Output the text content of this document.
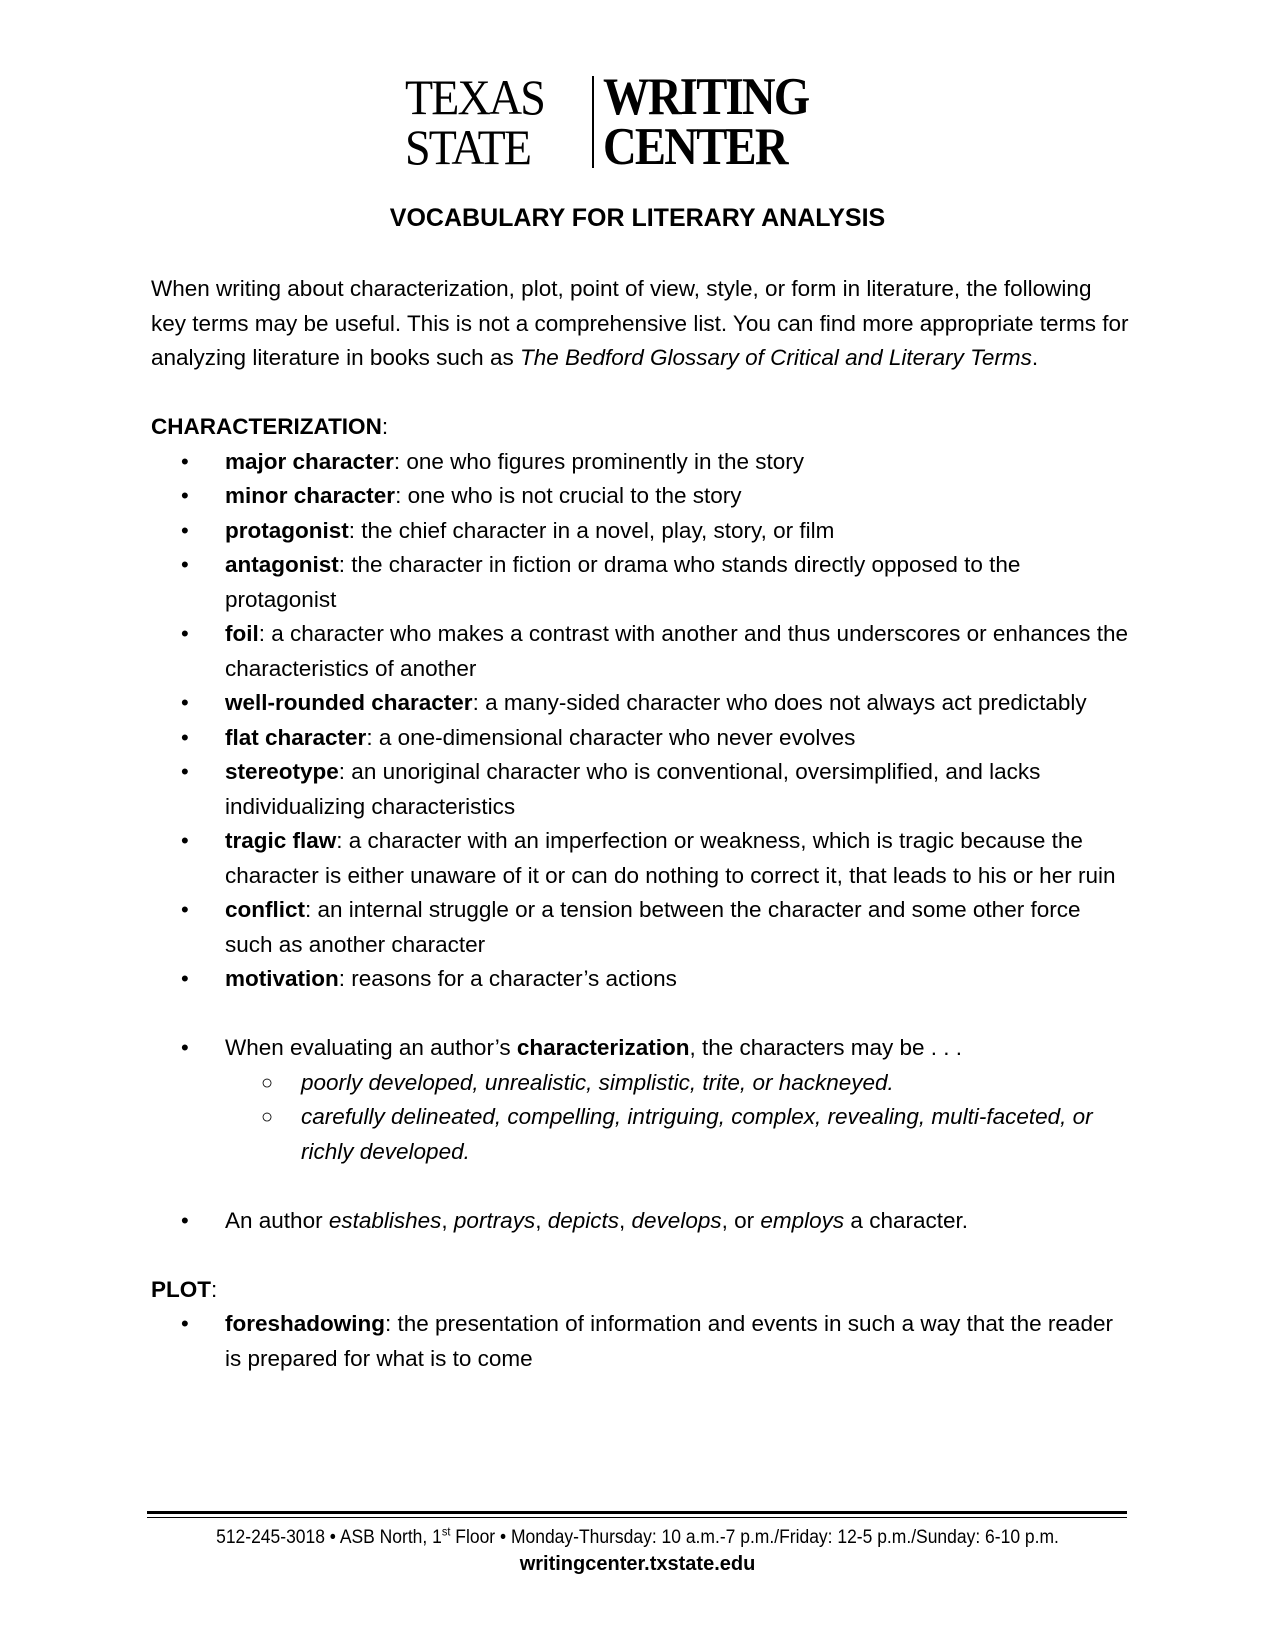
TEXAS
STATE
WRITING
CENTER
VOCABULARY FOR LITERARY ANALYSIS

When writing about characterization, plot, point of view, style, or form in literature, the following key terms may be useful. This is not a comprehensive list. You can find more appropriate terms for analyzing literature in books such as The Bedford Glossary of Critical and Literary Terms.

CHARACTERIZATION:

• major character: one who figures prominently in the story
• minor character: one who is not crucial to the story
• protagonist: the chief character in a novel, play, story, or film
• antagonist: the character in fiction or drama who stands directly opposed to the protagonist
• foil: a character who makes a contrast with another and thus underscores or enhances the characteristics of another
• well-rounded character: a many-sided character who does not always act predictably
• flat character: a one-dimensional character who never evolves
• stereotype: an unoriginal character who is conventional, oversimplified, and lacks individualizing characteristics
• tragic flaw: a character with an imperfection or weakness, which is tragic because the character is either unaware of it or can do nothing to correct it, that leads to his or her ruin
• conflict: an internal struggle or a tension between the character and some other force such as another character
• motivation: reasons for a character’s actions
• When evaluating an author’s characterization, the characters may be . . .
○ poorly developed, unrealistic, simplistic, trite, or hackneyed.
○ carefully delineated, compelling, intriguing, complex, revealing, multi-faceted, or richly developed.
• An author establishes, portrays, depicts, develops, or employs a character.

PLOT:

• foreshadowing: the presentation of information and events in such a way that the reader is prepared for what is to come
512-245-3018 • ASB North, 1st Floor • Monday-Thursday: 10 a.m.-7 p.m./Friday: 12-5 p.m./Sunday: 6-10 p.m.
writingcenter.txstate.edu
